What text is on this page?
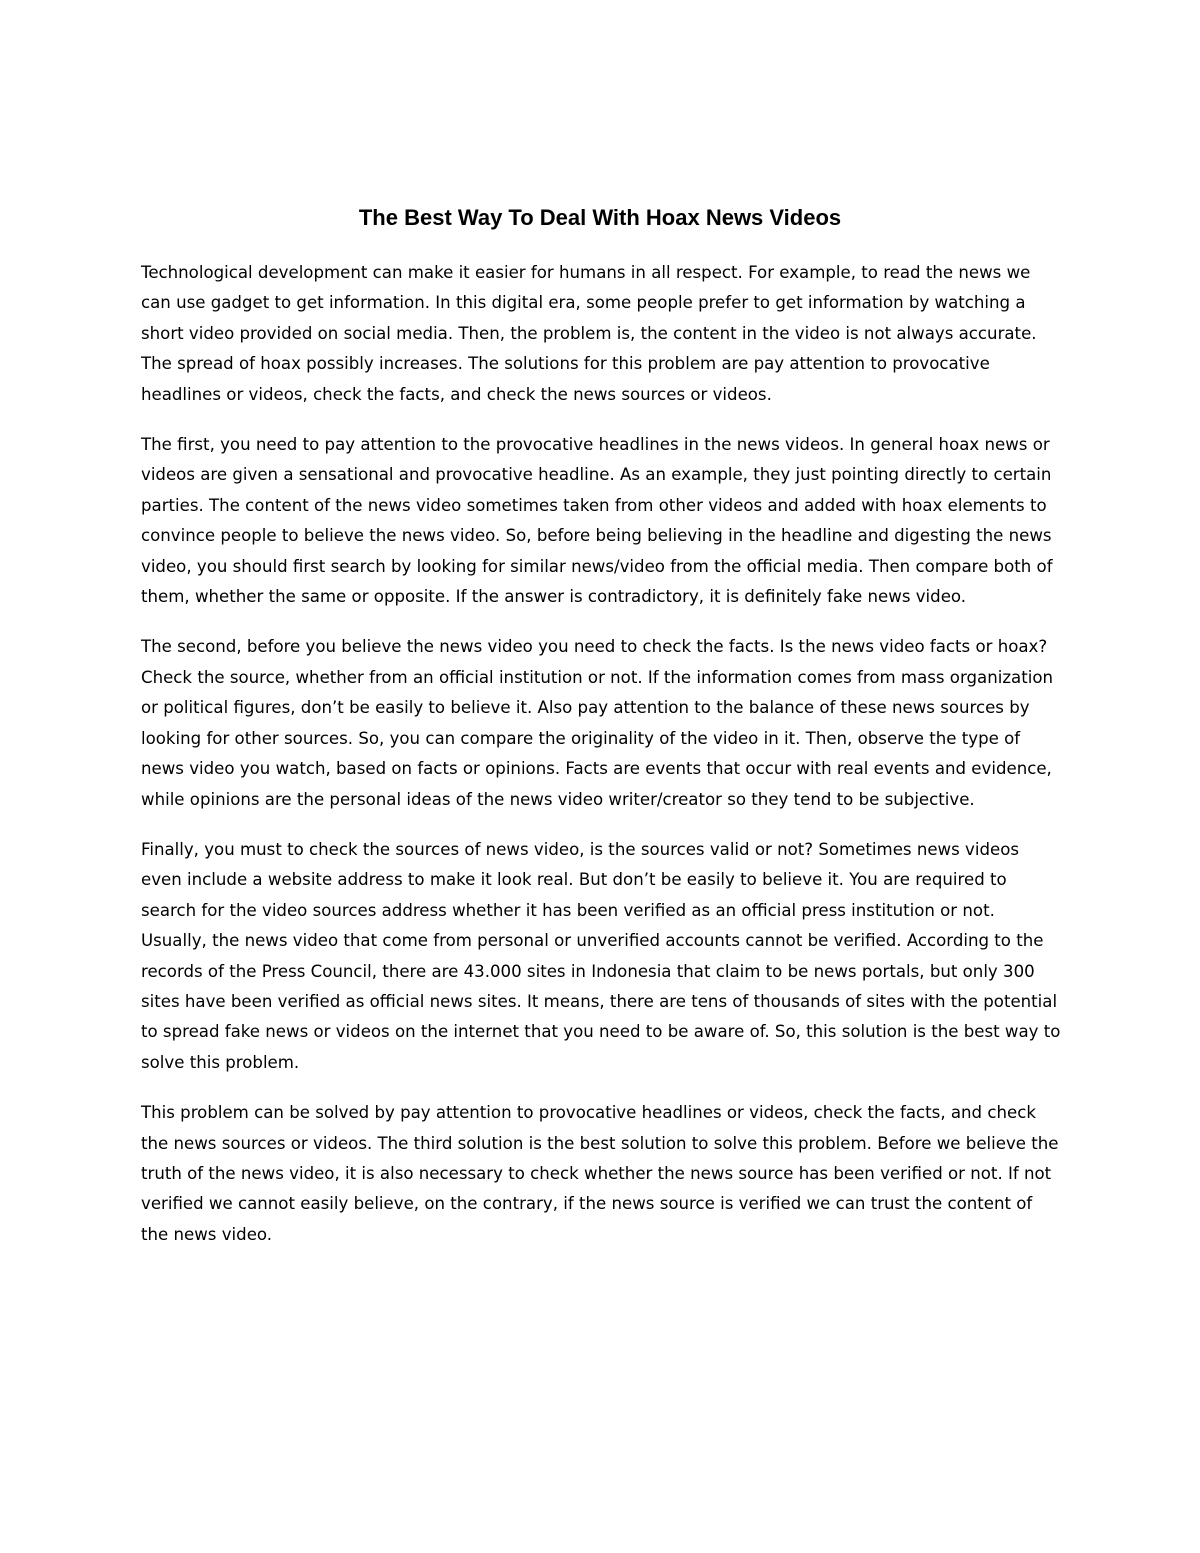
The Best Way To Deal With Hoax News Videos

Technological development can make it easier for humans in all respect. For example, to read the news we can use gadget to get information. In this digital era, some people prefer to get information by watching a short video provided on social media. Then, the problem is, the content in the video is not always accurate. The spread of hoax possibly increases. The solutions for this problem are pay attention to provocative headlines or videos, check the facts, and check the news sources or videos.

The first, you need to pay attention to the provocative headlines in the news videos. In general hoax news or videos are given a sensational and provocative headline. As an example, they just pointing directly to certain parties. The content of the news video sometimes taken from other videos and added with hoax elements to convince people to believe the news video. So, before being believing in the headline and digesting the news video, you should first search by looking for similar news/video from the official media. Then compare both of them, whether the same or opposite. If the answer is contradictory, it is definitely fake news video.

The second, before you believe the news video you need to check the facts. Is the news video facts or hoax? Check the source, whether from an official institution or not. If the information comes from mass organization or political figures, don’t be easily to believe it. Also pay attention to the balance of these news sources by looking for other sources. So, you can compare the originality of the video in it. Then, observe the type of news video you watch, based on facts or opinions. Facts are events that occur with real events and evidence, while opinions are the personal ideas of the news video writer/creator so they tend to be subjective.

Finally, you must to check the sources of news video, is the sources valid or not? Sometimes news videos even include a website address to make it look real. But don’t be easily to believe it. You are required to search for the video sources address whether it has been verified as an official press institution or not. Usually, the news video that come from personal or unverified accounts cannot be verified. According to the records of the Press Council, there are 43.000 sites in Indonesia that claim to be news portals, but only 300 sites have been verified as official news sites. It means, there are tens of thousands of sites with the potential to spread fake news or videos on the internet that you need to be aware of. So, this solution is the best way to solve this problem.

This problem can be solved by pay attention to provocative headlines or videos, check the facts, and check the news sources or videos. The third solution is the best solution to solve this problem. Before we believe the truth of the news video, it is also necessary to check whether the news source has been verified or not. If not verified we cannot easily believe, on the contrary, if the news source is verified we can trust the content of the news video.
